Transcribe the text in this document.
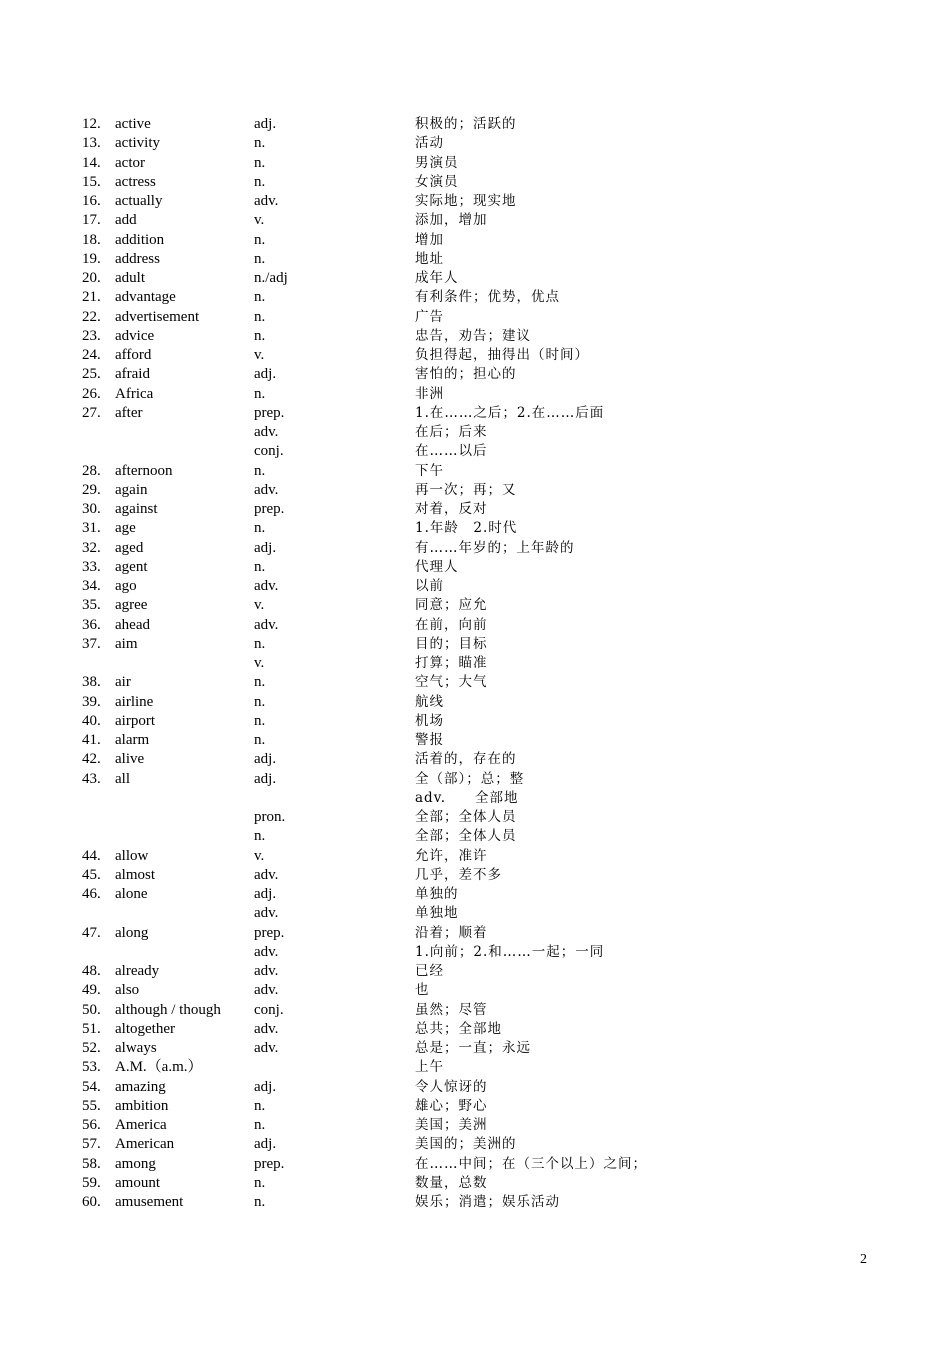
12. active	adj.	积极的；活跃的
13. activity	n.	活动
14. actor	n.	男演员
15. actress	n.	女演员
16. actually	adv.	实际地；现实地
17. add	v.	添加，增加
18. addition	n.	增加
19. address	n.	地址
20. adult	n./adj	成年人
21. advantage	n.	有利条件；优势，优点
22. advertisement	n.	广告
23. advice	n.	忠告，劝告；建议
24. afford	v.	负担得起，抽得出（时间）
25. afraid	adj.	害怕的；担心的
26. Africa	n.	非洲
27. after	prep.	1.在……之后；2.在……后面
adv.	在后；后来
conj.	在……以后
28. afternoon	n.	下午
29. again	adv.	再一次；再；又
30. against	prep.	对着，反对
31. age	n.	1.年龄　2.时代
32. aged	adj.	有……年岁的；上年龄的
33. agent	n.	代理人
34. ago	adv.	以前
35. agree	v.	同意；应允
36. ahead	adv.	在前，向前
37. aim	n.	目的；目标
v.	打算；瞄准
38. air	n.	空气；大气
39. airline	n.	航线
40. airport	n.	机场
41. alarm	n.	警报
42. alive	adj.	活着的，存在的
43. all	adj.	全（部）；总；整
adv.　　全部地
pron.	全部；全体人员
n.	全部；全体人员
44. allow	v.	允许，准许
45. almost	adv.	几乎，差不多
46. alone	adj.	单独的
adv.	单独地
47. along	prep.	沿着；顺着
adv.	1.向前；2.和……一起；一同
48. already	adv.	已经
49. also	adv.	也
50. although / though conj.	虽然；尽管
51. altogether	adv.	总共；全部地
52. always	adv.	总是；一直；永远
53. A.M.（a.m.）	上午
54. amazing	adj.	令人惊讶的
55. ambition	n.	雄心；野心
56. America	n.	美国；美洲
57. American	adj.	美国的；美洲的
58. among	prep.	在……中间；在（三个以上）之间；
59. amount	n.	数量，总数
60. amusement	n.	娱乐；消遣；娱乐活动
2
